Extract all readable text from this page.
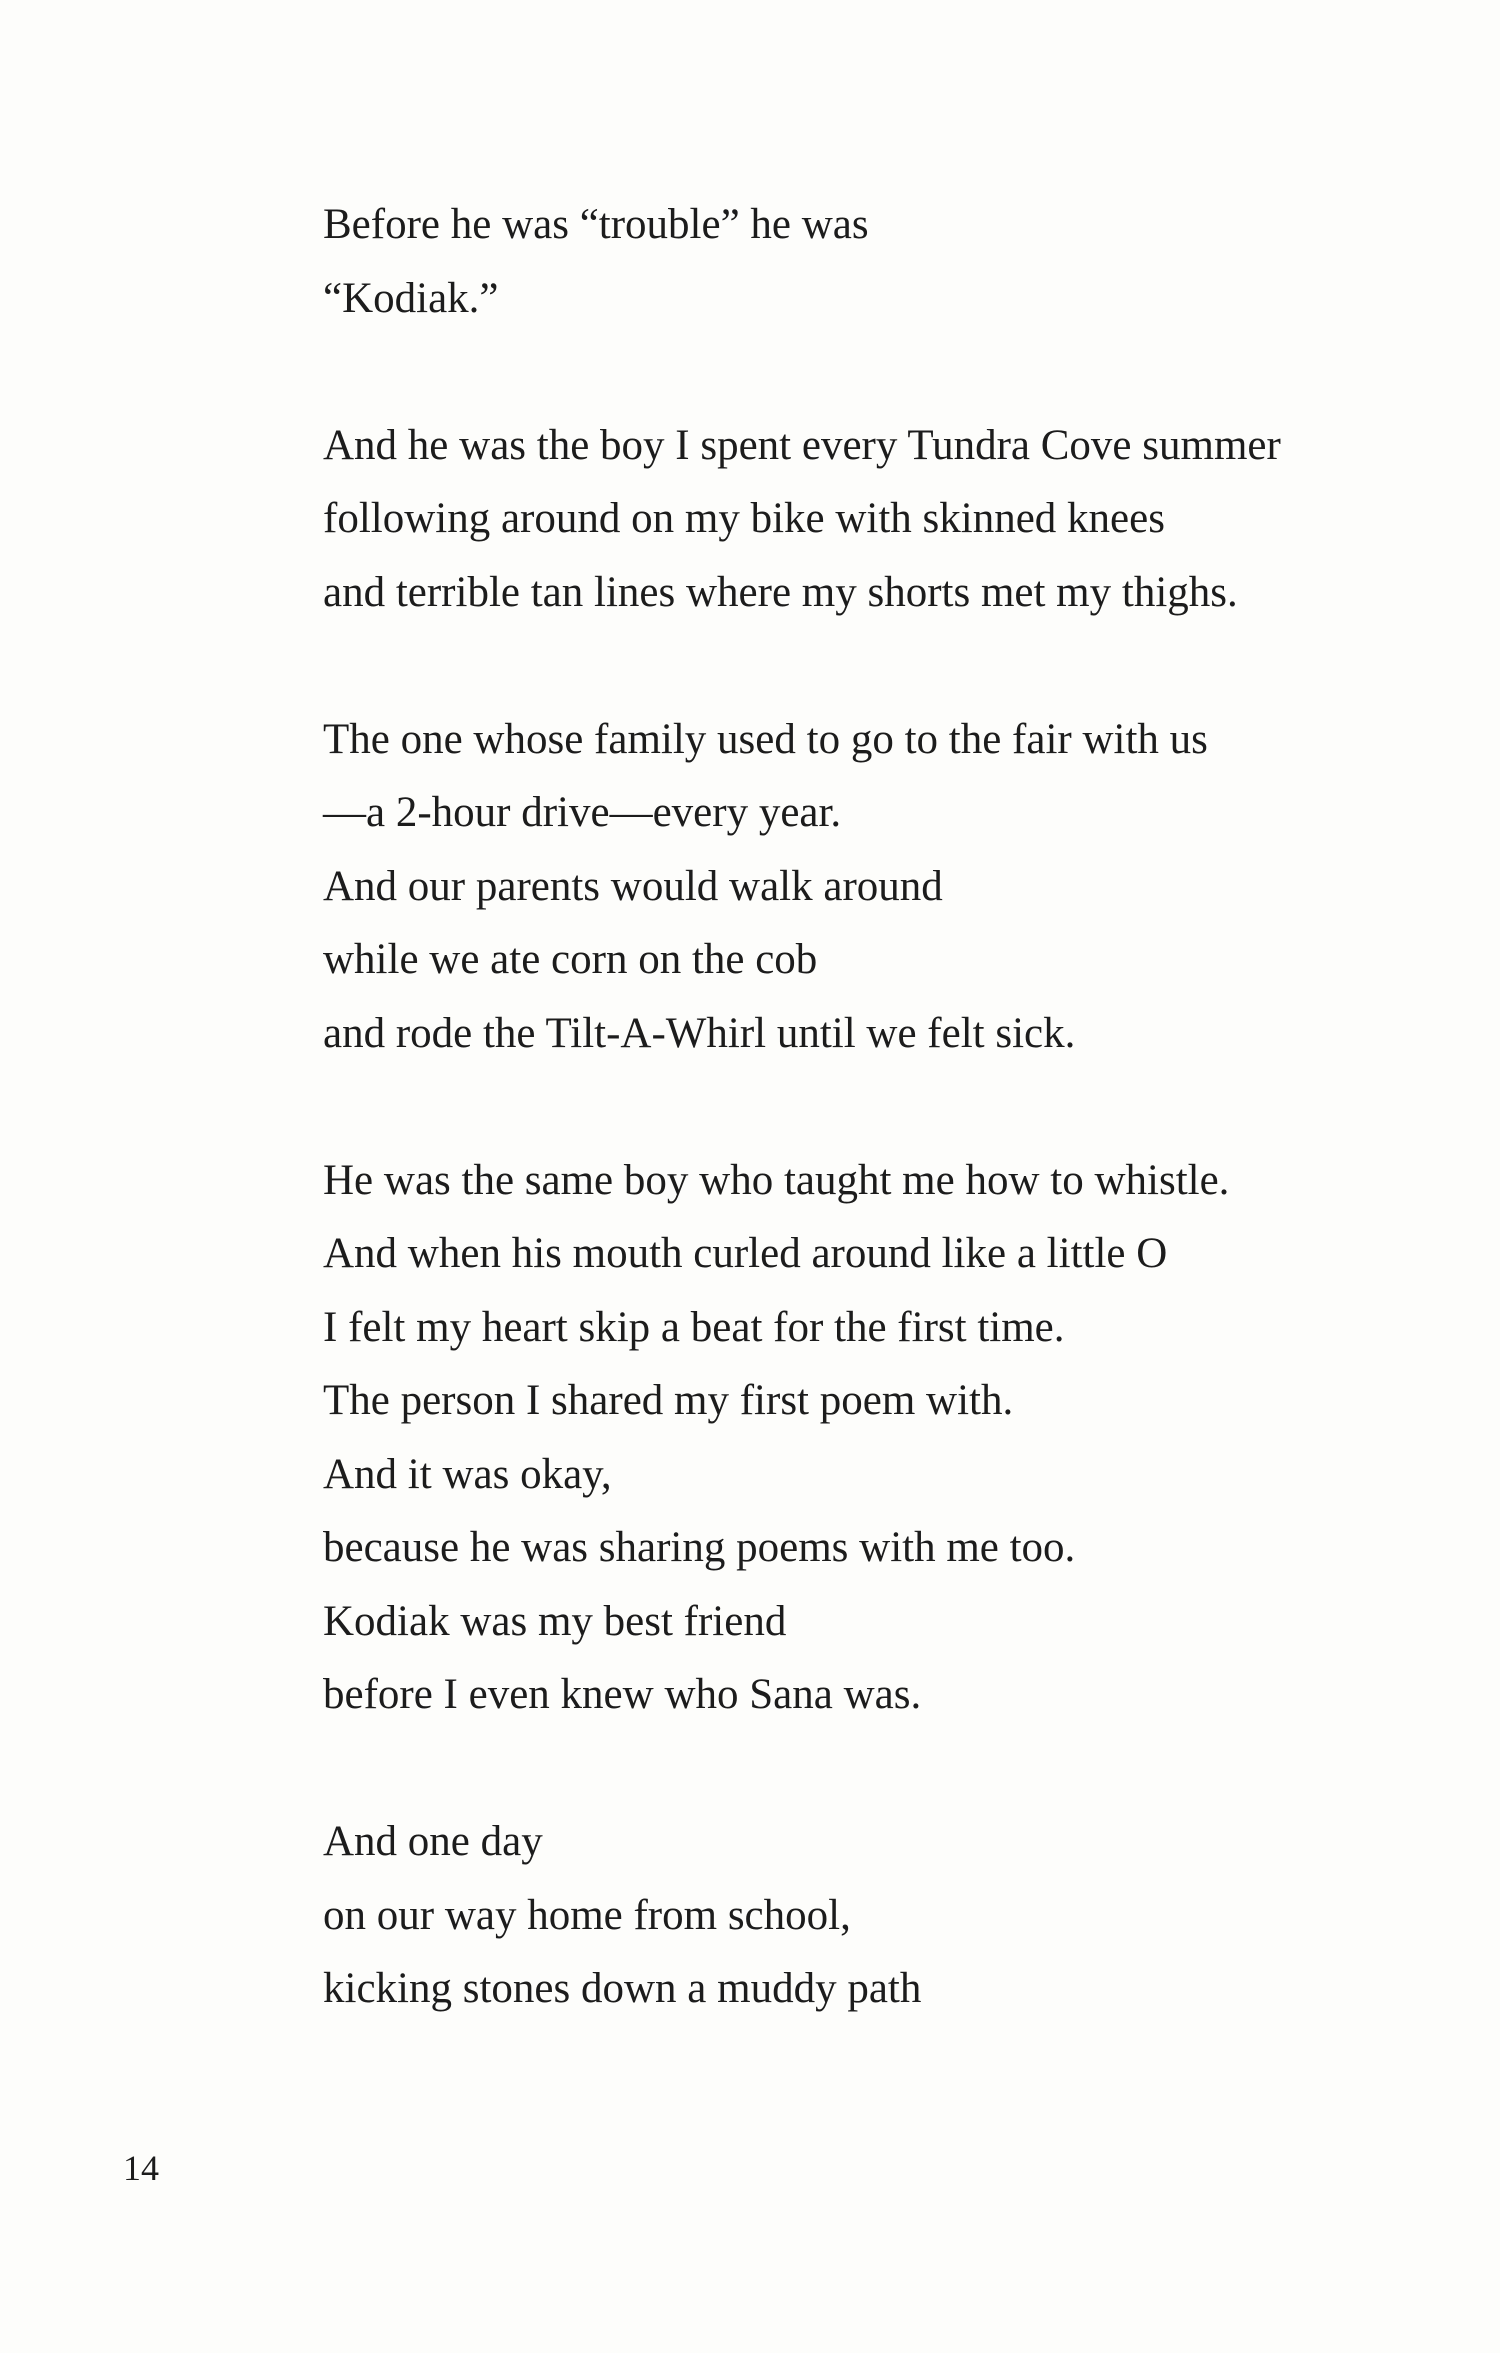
Before he was “trouble” he was
“Kodiak.”
And he was the boy I spent every Tundra Cove summer
following around on my bike with skinned knees
and terrible tan lines where my shorts met my thighs.
The one whose family used to go to the fair with us
—a 2-hour drive—every year.
And our parents would walk around
while we ate corn on the cob
and rode the Tilt-A-Whirl until we felt sick.
He was the same boy who taught me how to whistle.
And when his mouth curled around like a little O
I felt my heart skip a beat for the first time.
The person I shared my first poem with.
And it was okay,
because he was sharing poems with me too.
Kodiak was my best friend
before I even knew who Sana was.
And one day
on our way home from school,
kicking stones down a muddy path
14
